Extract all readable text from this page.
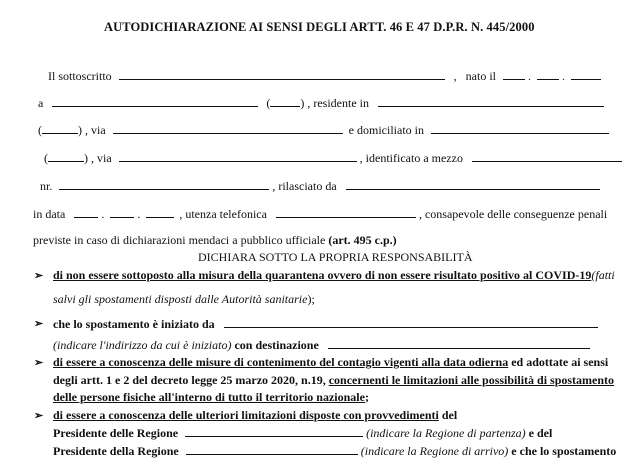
AUTODICHIARAZIONE AI SENSI DEGLI ARTT. 46 E 47 D.P.R. N. 445/2000
Il sottoscritto	, nato il	.	.
a	(	) , residente in
(	) , via	e domiciliato in
(	) , via	, identificato a mezzo
nr.	, rilasciato da
in data	.	.	, utenza telefonica	, consapevole delle conseguenze penali
previste in caso di dichiarazioni mendaci a pubblico ufficiale (art. 495 c.p.)
DICHIARA SOTTO LA PROPRIA RESPONSABILITÀ
➢ di non essere sottoposto alla misura della quarantena ovvero di non essere risultato positivo al COVID-19(fatti
salvi gli spostamenti disposti dalle Autorità sanitarie);
➢ che lo spostamento è iniziato da
(indicare l'indirizzo da cui è iniziato) con destinazione
➢ di essere a conoscenza delle misure di contenimento del contagio vigenti alla data odierna ed adottate ai sensi
degli artt. 1 e 2 del decreto legge 25 marzo 2020, n.19, concernenti le limitazioni alle possibilità di spostamento
delle persone fisiche all'interno di tutto il territorio nazionale;
➢ di essere a conoscenza delle ulteriori limitazioni disposte con provvedimenti del
Presidente delle Regione	(indicare la Regione di partenza) e del
Presidente della Regione	(indicare la Regione di arrivo) e che lo spostamento
